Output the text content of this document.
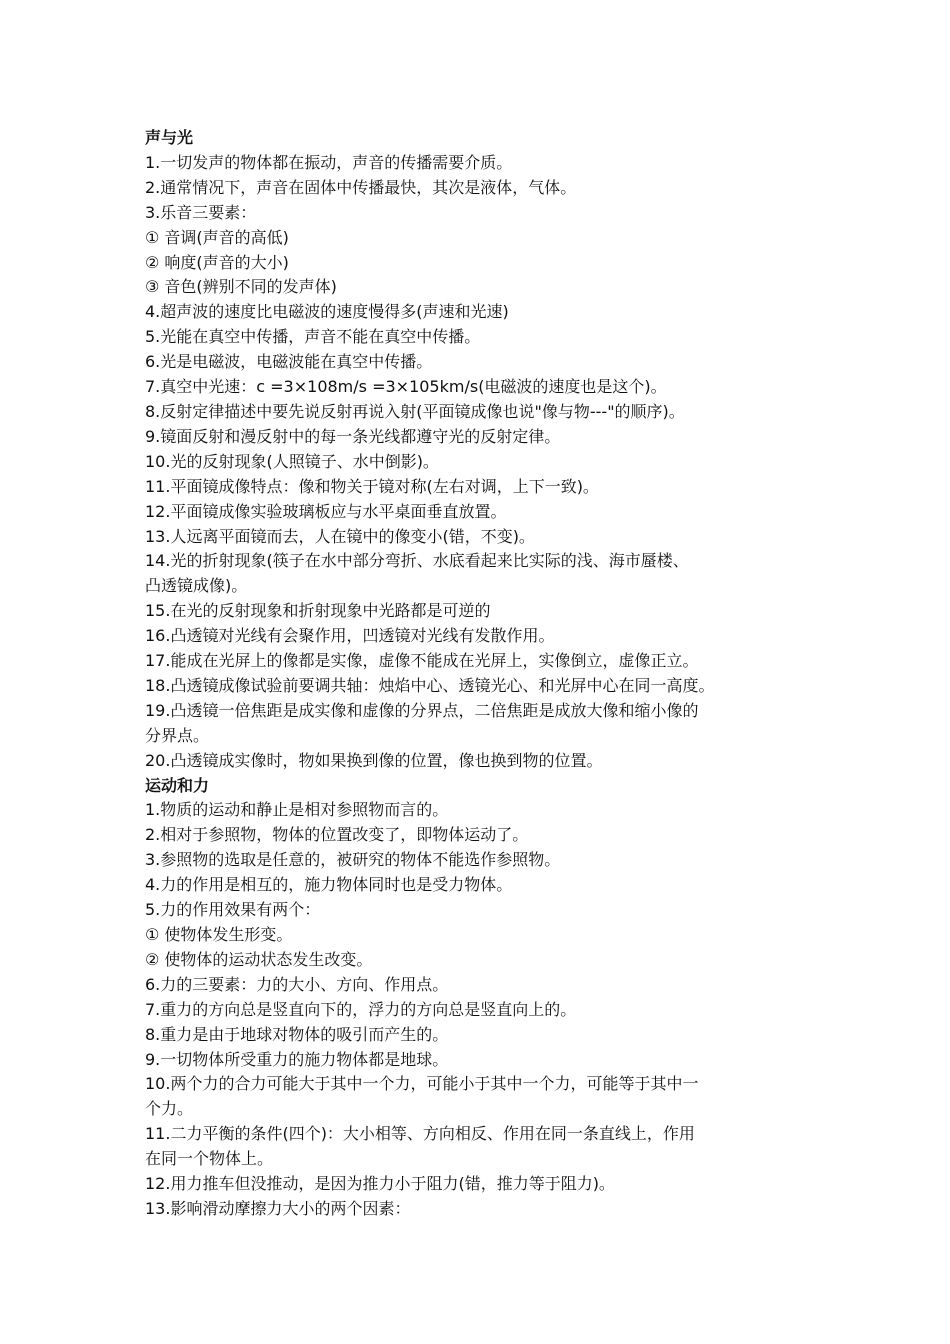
声与光

1.一切发声的物体都在振动，声音的传播需要介质。

2.通常情况下，声音在固体中传播最快，其次是液体，气体。

3.乐音三要素：

① 音调(声音的高低)

② 响度(声音的大小)

③ 音色(辨别不同的发声体)

4.超声波的速度比电磁波的速度慢得多(声速和光速)

5.光能在真空中传播，声音不能在真空中传播。

6.光是电磁波，电磁波能在真空中传播。

7.真空中光速：c =3×108m/s =3×105km/s(电磁波的速度也是这个)。

8.反射定律描述中要先说反射再说入射(平面镜成像也说"像与物---"的顺序)。

9.镜面反射和漫反射中的每一条光线都遵守光的反射定律。

10.光的反射现象(人照镜子、水中倒影)。

11.平面镜成像特点：像和物关于镜对称(左右对调，上下一致)。

12.平面镜成像实验玻璃板应与水平桌面垂直放置。

13.人远离平面镜而去，人在镜中的像变小(错，不变)。

14.光的折射现象(筷子在水中部分弯折、水底看起来比实际的浅、海市蜃楼、

凸透镜成像)。

15.在光的反射现象和折射现象中光路都是可逆的

16.凸透镜对光线有会聚作用，凹透镜对光线有发散作用。

17.能成在光屏上的像都是实像，虚像不能成在光屏上，实像倒立，虚像正立。

18.凸透镜成像试验前要调共轴：烛焰中心、透镜光心、和光屏中心在同一高度。

19.凸透镜一倍焦距是成实像和虚像的分界点，二倍焦距是成放大像和缩小像的

分界点。

20.凸透镜成实像时，物如果换到像的位置，像也换到物的位置。

运动和力

1.物质的运动和静止是相对参照物而言的。

2.相对于参照物，物体的位置改变了，即物体运动了。

3.参照物的选取是任意的，被研究的物体不能选作参照物。

4.力的作用是相互的，施力物体同时也是受力物体。

5.力的作用效果有两个：

① 使物体发生形变。

② 使物体的运动状态发生改变。

6.力的三要素：力的大小、方向、作用点。

7.重力的方向总是竖直向下的，浮力的方向总是竖直向上的。

8.重力是由于地球对物体的吸引而产生的。

9.一切物体所受重力的施力物体都是地球。

10.两个力的合力可能大于其中一个力，可能小于其中一个力，可能等于其中一

个力。

11.二力平衡的条件(四个)：大小相等、方向相反、作用在同一条直线上，作用

在同一个物体上。

12.用力推车但没推动，是因为推力小于阻力(错，推力等于阻力)。

13.影响滑动摩擦力大小的两个因素：
